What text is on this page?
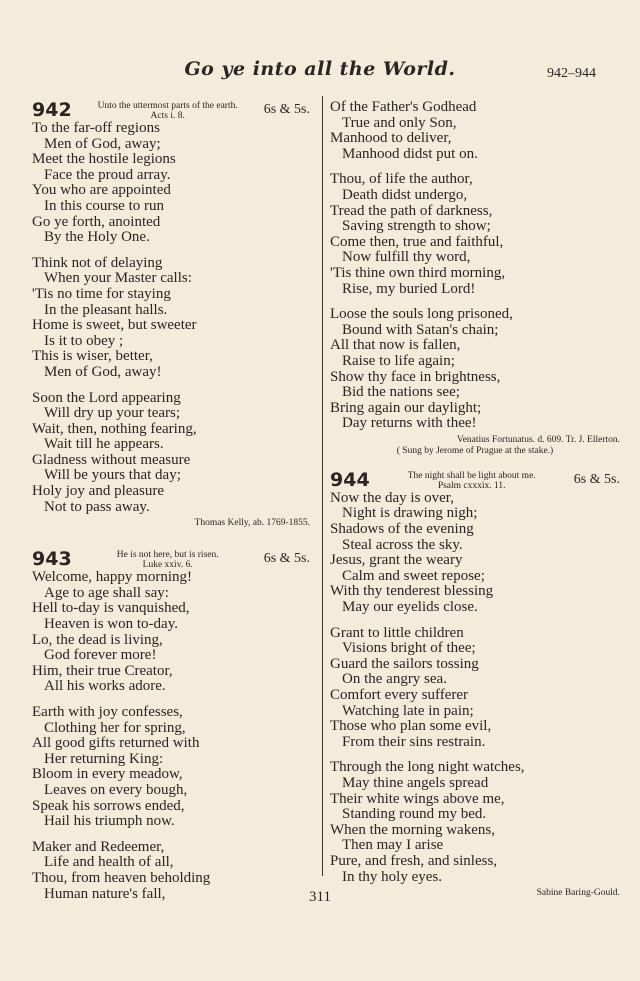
Go ye into all the World.	942–944
942	Unto the uttermost parts of the earth.
Acts i. 8.	6s & 5s.
To the far-off regions
Men of God, away;
Meet the hostile legions
Face the proud array.
You who are appointed
In this course to run
Go ye forth, anointed
By the Holy One.
Think not of delaying
When your Master calls:
'Tis no time for staying
In the pleasant halls.
Home is sweet, but sweeter
Is it to obey ;
This is wiser, better,
Men of God, away!
Soon the Lord appearing
Will dry up your tears;
Wait, then, nothing fearing,
Wait till he appears.
Gladness without measure
Will be yours that day;
Holy joy and pleasure
Not to pass away.
Thomas Kelly, ab. 1769-1855.
943	He is not here, but is risen.
Luke xxiv. 6.	6s & 5s.
Welcome, happy morning!
Age to age shall say:
Hell to-day is vanquished,
Heaven is won to-day.
Lo, the dead is living,
God forever more!
Him, their true Creator,
All his works adore.
Earth with joy confesses,
Clothing her for spring,
All good gifts returned with
Her returning King:
Bloom in every meadow,
Leaves on every bough,
Speak his sorrows ended,
Hail his triumph now.
Maker and Redeemer,
Life and health of all,
Thou, from heaven beholding
Human nature's fall,
Of the Father's Godhead
True and only Son,
Manhood to deliver,
Manhood didst put on.
Thou, of life the author,
Death didst undergo,
Tread the path of darkness,
Saving strength to show;
Come then, true and faithful,
Now fulfill thy word,
'Tis thine own third morning,
Rise, my buried Lord!
Loose the souls long prisoned,
Bound with Satan's chain;
All that now is fallen,
Raise to life again;
Show thy face in brightness,
Bid the nations see;
Bring again our daylight;
Day returns with thee!
Venatius Fortunatus. d. 609. Tr. J. Ellerton.
( Sung by Jerome of Prague at the stake.)
944	The night shall be light about me.
Psalm cxxxix. 11.	6s & 5s.
Now the day is over,
Night is drawing nigh;
Shadows of the evening
Steal across the sky.
Jesus, grant the weary
Calm and sweet repose;
With thy tenderest blessing
May our eyelids close.
Grant to little children
Visions bright of thee;
Guard the sailors tossing
On the angry sea.
Comfort every sufferer
Watching late in pain;
Those who plan some evil,
From their sins restrain.
Through the long night watches,
May thine angels spread
Their white wings above me,
Standing round my bed.
When the morning wakens,
Then may I arise
Pure, and fresh, and sinless,
In thy holy eyes.
Sabine Baring-Gould.
311
